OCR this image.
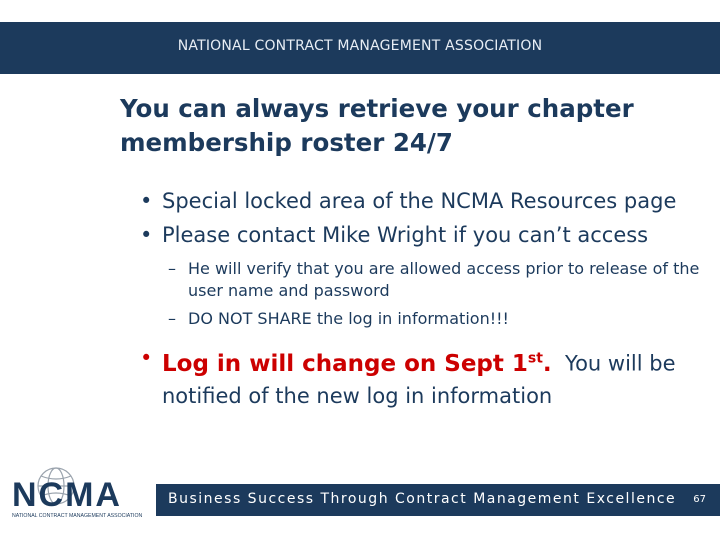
NATIONAL CONTRACT MANAGEMENT ASSOCIATION
You can always retrieve your chapter
membership roster 24/7
• Special locked area of the NCMA Resources page
• Please contact Mike Wright if you can’t access
– He will verify that you are allowed access prior to release of the user name and password
– DO NOT SHARE the log in information!!!
• Log in will change on Sept 1st. You will be notified of the new log in information
NCMA
NATIONAL CONTRACT MANAGEMENT ASSOCIATION
Business Success Through Contract Management Excellence 67
